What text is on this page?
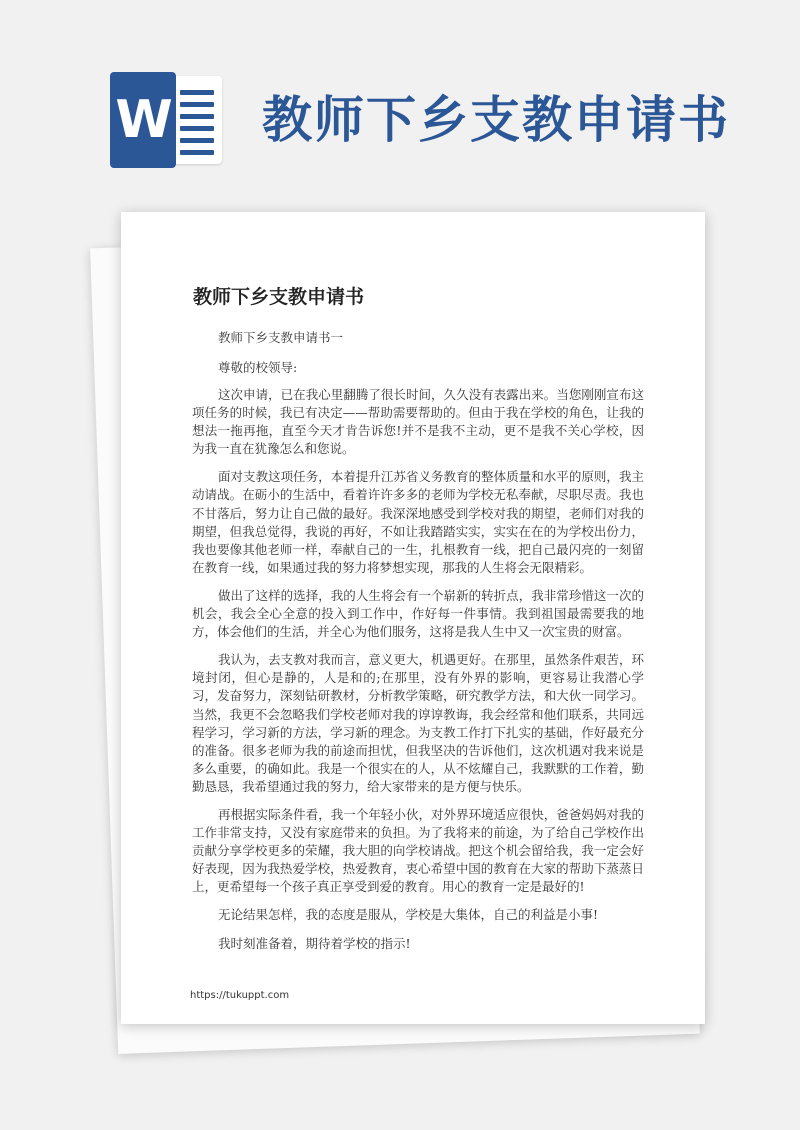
W 教师下乡支教申请书
教师下乡支教申请书
教师下乡支教申请书一
尊敬的校领导:

这次申请，已在我心里翻腾了很长时间，久久没有表露出来。当您刚刚宣布这项任务的时候，我已有决定——帮助需要帮助的。但由于我在学校的角色，让我的想法一拖再拖，直至今天才肯告诉您!并不是我不主动，更不是我不关心学校，因为我一直在犹豫怎么和您说。

面对支教这项任务，本着提升江苏省义务教育的整体质量和水平的原则，我主动请战。在砺小的生活中，看着许许多多的老师为学校无私奉献，尽职尽责。我也不甘落后，努力让自己做的最好。我深深地感受到学校对我的期望，老师们对我的期望，但我总觉得，我说的再好，不如让我踏踏实实，实实在在的为学校出份力，我也要像其他老师一样，奉献自己的一生，扎根教育一线，把自己最闪亮的一刻留在教育一线，如果通过我的努力将梦想实现，那我的人生将会无限精彩。

做出了这样的选择，我的人生将会有一个崭新的转折点，我非常珍惜这一次的机会，我会全心全意的投入到工作中，作好每一件事情。我到祖国最需要我的地方，体会他们的生活，并全心为他们服务，这将是我人生中又一次宝贵的财富。

我认为，去支教对我而言，意义更大，机遇更好。在那里，虽然条件艰苦，环境封闭，但心是静的，人是和的;在那里，没有外界的影响，更容易让我潜心学习，发奋努力，深刻钻研教材，分析教学策略，研究教学方法，和大伙一同学习。当然，我更不会忽略我们学校老师对我的谆谆教诲，我会经常和他们联系，共同远程学习，学习新的方法，学习新的理念。为支教工作打下扎实的基础，作好最充分的准备。很多老师为我的前途而担忧，但我坚决的告诉他们，这次机遇对我来说是多么重要，的确如此。我是一个很实在的人，从不炫耀自己，我默默的工作着，勤勤恳恳，我希望通过我的努力，给大家带来的是方便与快乐。

再根据实际条件看，我一个年轻小伙，对外界环境适应很快，爸爸妈妈对我的工作非常支持，又没有家庭带来的负担。为了我将来的前途，为了给自己学校作出贡献分享学校更多的荣耀，我大胆的向学校请战。把这个机会留给我，我一定会好好表现，因为我热爱学校，热爱教育，衷心希望中国的教育在大家的帮助下蒸蒸日上，更希望每一个孩子真正享受到爱的教育。用心的教育一定是最好的!

无论结果怎样，我的态度是服从，学校是大集体，自己的利益是小事!

我时刻准备着，期待着学校的指示!

https://tukuppt.com
